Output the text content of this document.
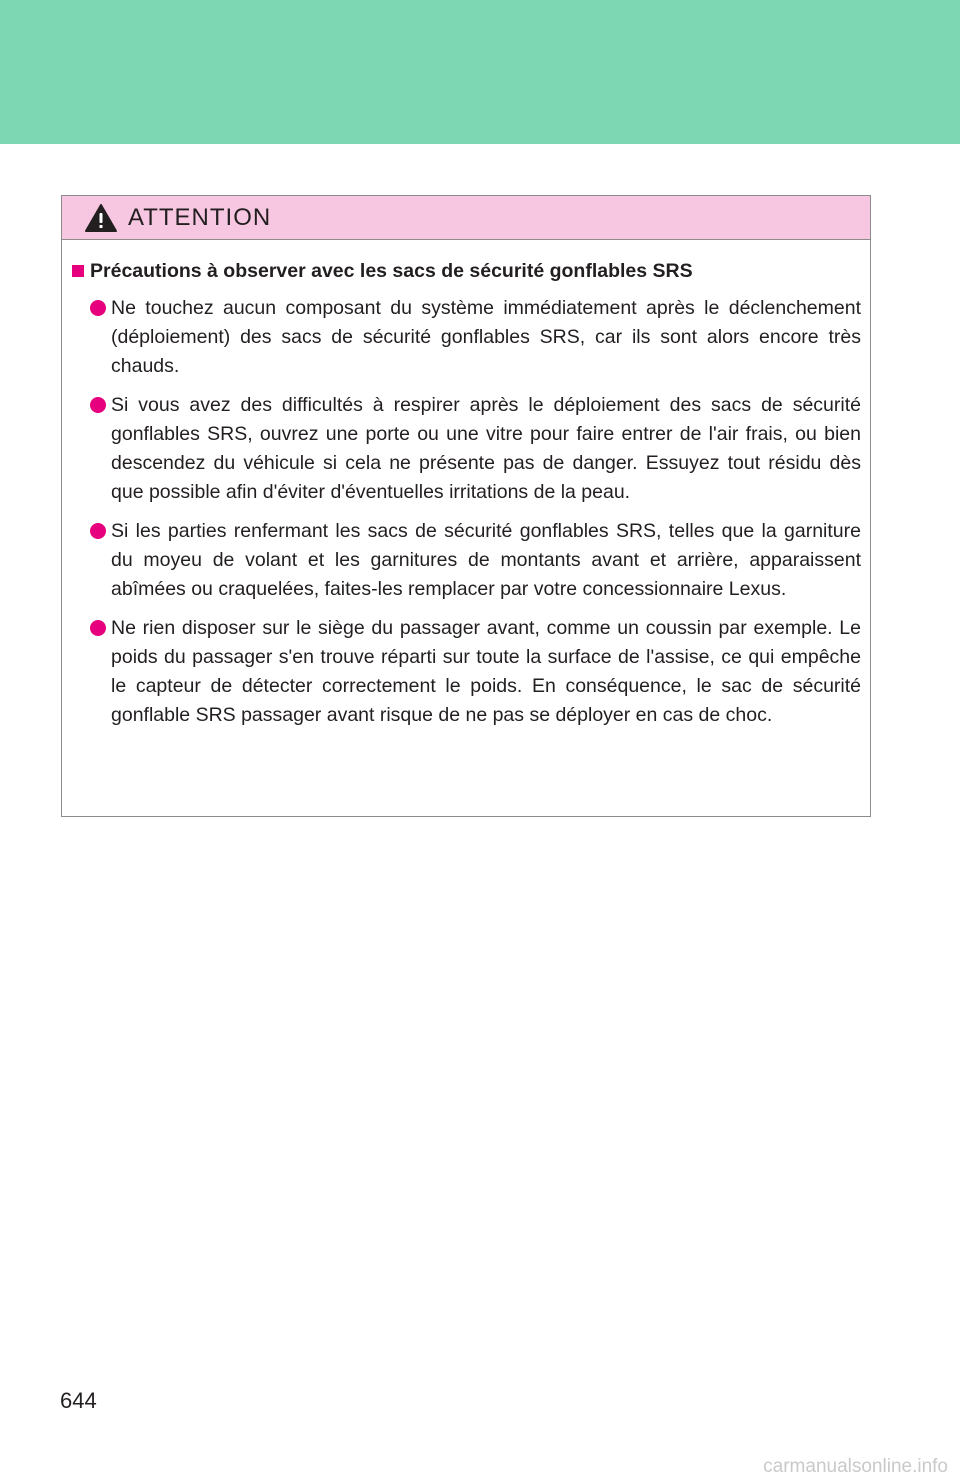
ATTENTION
Précautions à observer avec les sacs de sécurité gonflables SRS
Ne touchez aucun composant du système immédiatement après le déclenchement (déploiement) des sacs de sécurité gonflables SRS, car ils sont alors encore très chauds.
Si vous avez des difficultés à respirer après le déploiement des sacs de sécurité gonflables SRS, ouvrez une porte ou une vitre pour faire entrer de l'air frais, ou bien descendez du véhicule si cela ne présente pas de danger. Essuyez tout résidu dès que possible afin d'éviter d'éventuelles irritations de la peau.
Si les parties renfermant les sacs de sécurité gonflables SRS, telles que la garniture du moyeu de volant et les garnitures de montants avant et arrière, apparaissent abîmées ou craquelées, faites-les remplacer par votre concessionnaire Lexus.
Ne rien disposer sur le siège du passager avant, comme un coussin par exemple. Le poids du passager s'en trouve réparti sur toute la surface de l'assise, ce qui empêche le capteur de détecter correctement le poids. En conséquence, le sac de sécurité gonflable SRS passager avant risque de ne pas se déployer en cas de choc.
644
carmanualsonline.info
